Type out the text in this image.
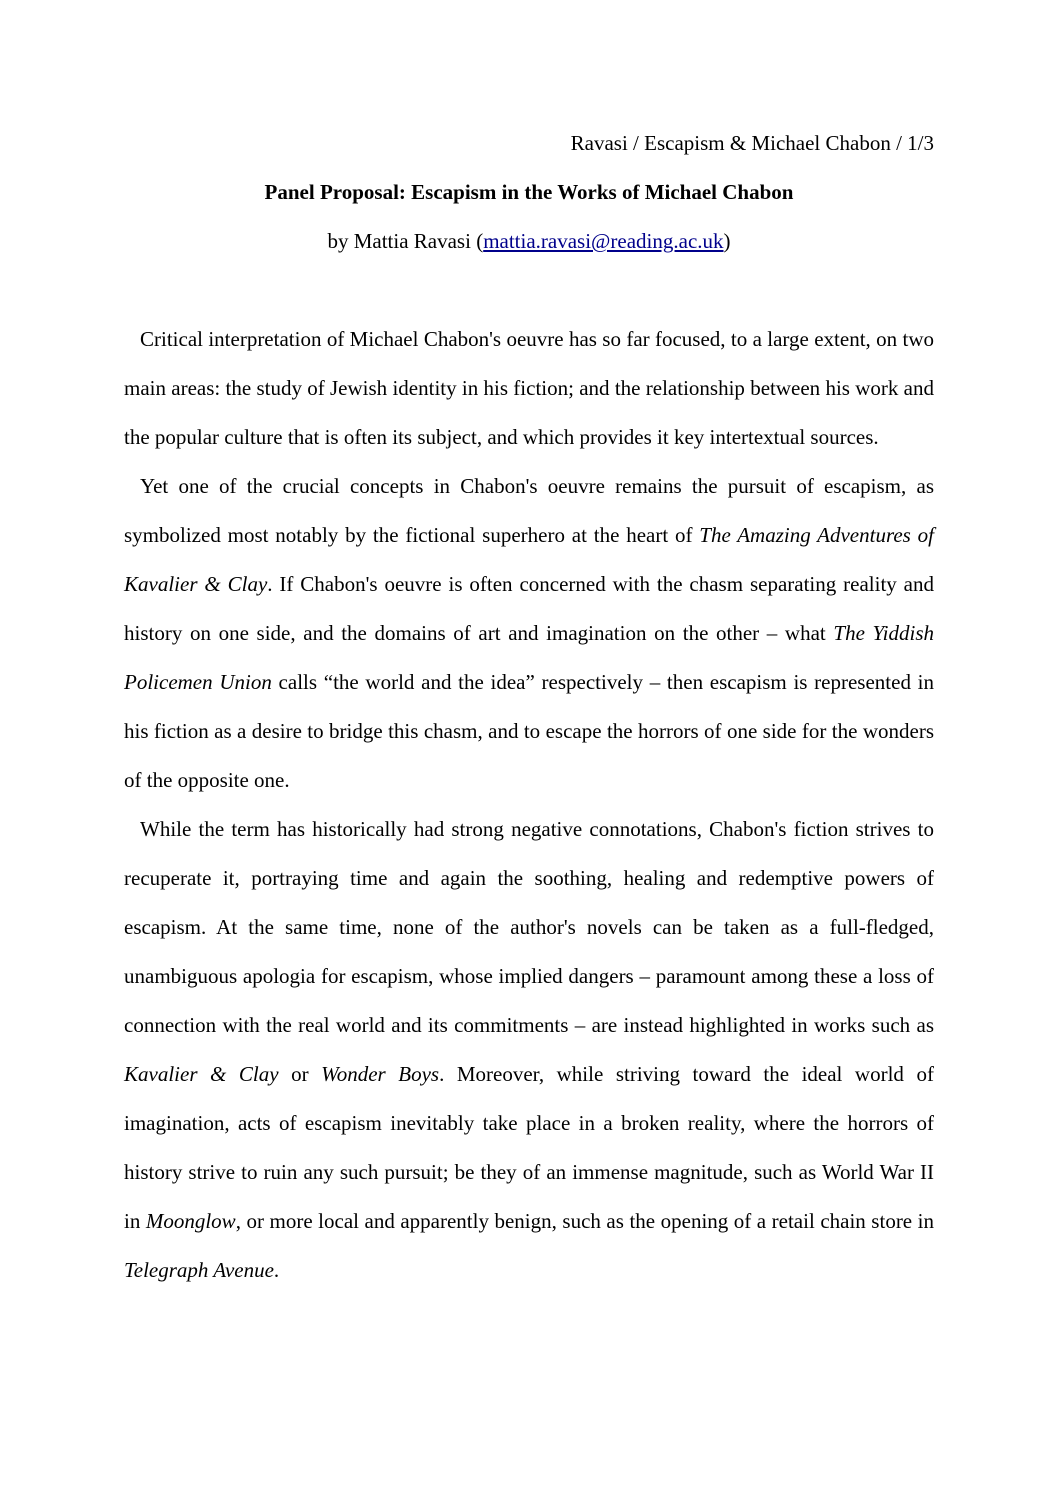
Ravasi / Escapism & Michael Chabon / 1/3
Panel Proposal: Escapism in the Works of Michael Chabon
by Mattia Ravasi (mattia.ravasi@reading.ac.uk)

Critical interpretation of Michael Chabon's oeuvre has so far focused, to a large extent, on two main areas: the study of Jewish identity in his fiction; and the relationship between his work and the popular culture that is often its subject, and which provides it key intertextual sources.

Yet one of the crucial concepts in Chabon's oeuvre remains the pursuit of escapism, as symbolized most notably by the fictional superhero at the heart of The Amazing Adventures of Kavalier & Clay. If Chabon's oeuvre is often concerned with the chasm separating reality and history on one side, and the domains of art and imagination on the other – what The Yiddish Policemen Union calls “the world and the idea” respectively – then escapism is represented in his fiction as a desire to bridge this chasm, and to escape the horrors of one side for the wonders of the opposite one.

While the term has historically had strong negative connotations, Chabon's fiction strives to recuperate it, portraying time and again the soothing, healing and redemptive powers of escapism. At the same time, none of the author's novels can be taken as a full-fledged, unambiguous apologia for escapism, whose implied dangers – paramount among these a loss of connection with the real world and its commitments – are instead highlighted in works such as Kavalier & Clay or Wonder Boys. Moreover, while striving toward the ideal world of imagination, acts of escapism inevitably take place in a broken reality, where the horrors of history strive to ruin any such pursuit; be they of an immense magnitude, such as World War II in Moonglow, or more local and apparently benign, such as the opening of a retail chain store in Telegraph Avenue.
